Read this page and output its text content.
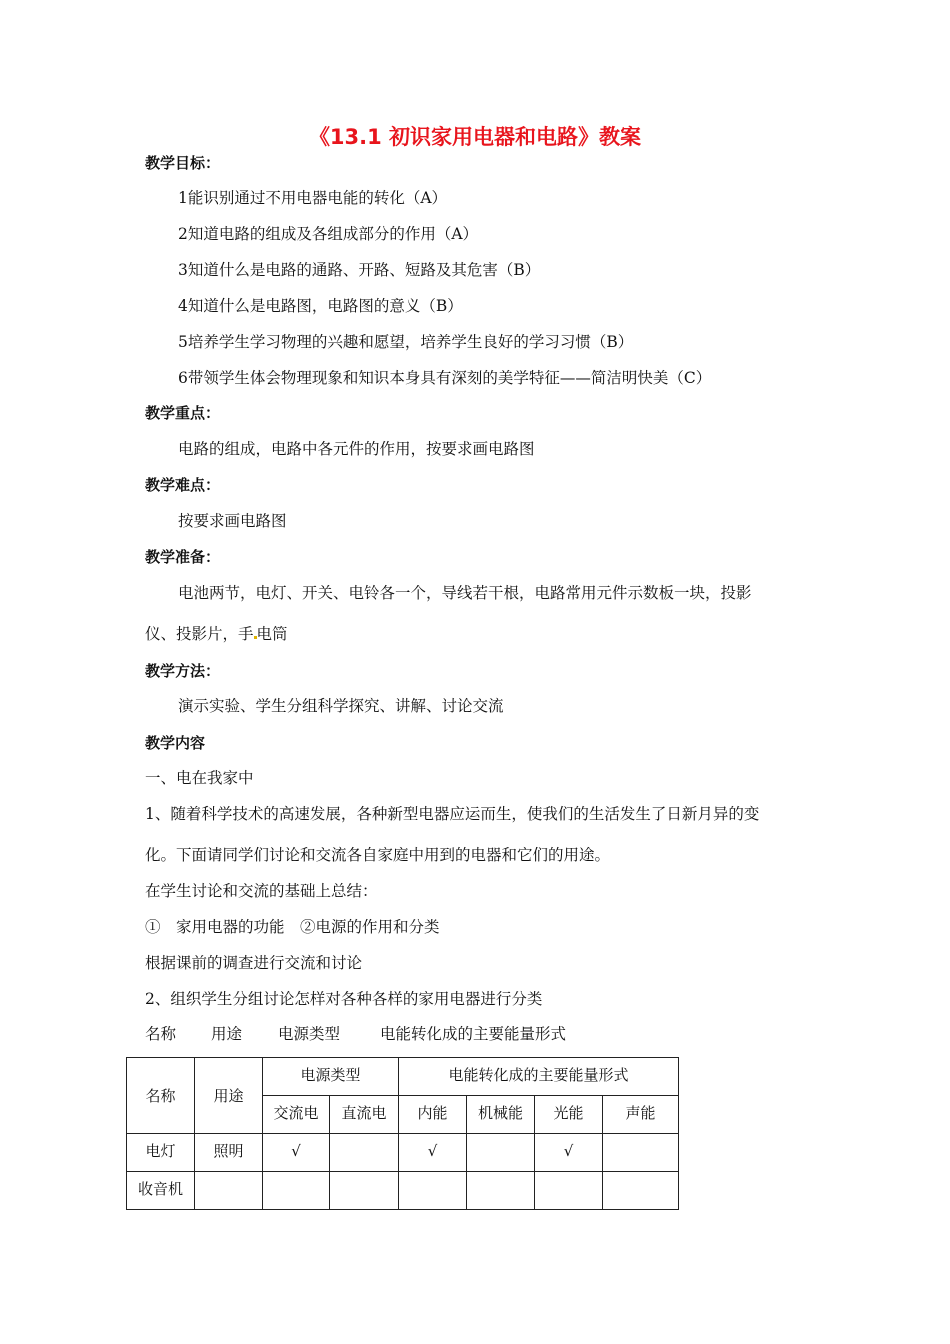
《13.1 初识家用电器和电路》教案
教学目标：
1能识别通过不用电器电能的转化（A）
2知道电路的组成及各组成部分的作用（A）
3知道什么是电路的通路、开路、短路及其危害（B）
4知道什么是电路图，电路图的意义（B）
5培养学生学习物理的兴趣和愿望，培养学生良好的学习习惯（B）
6带领学生体会物理现象和知识本身具有深刻的美学特征——简洁明快美（C）
教学重点：
电路的组成，电路中各元件的作用，按要求画电路图
教学难点：
按要求画电路图
教学准备：
电池两节，电灯、开关、电铃各一个，导线若干根，电路常用元件示数板一块，投影
仪、投影片，手 电筒
教学方法：
演示实验、学生分组科学探究、讲解、讨论交流
教学内容
一、电在我家中
1、随着科学技术的高速发展，各种新型电器应运而生，使我们的生活发生了日新月异的变
化。下面请同学们讨论和交流各自家庭中用到的电器和它们的用途。
在学生讨论和交流的基础上总结：
①　家用电器的功能　②电源的作用和分类
根据课前的调查进行交流和讨论
2、组织学生分组讨论怎样对各种各样的家用电器进行分类
名称 用途 电源类型	电能转化成的主要能量形式
名称	用途	电源类型		电能转化成的主要能量形式			
		交流电	直流电	内能	机械能	光能	声能
电灯	照明	√		√		√	
收音机							
